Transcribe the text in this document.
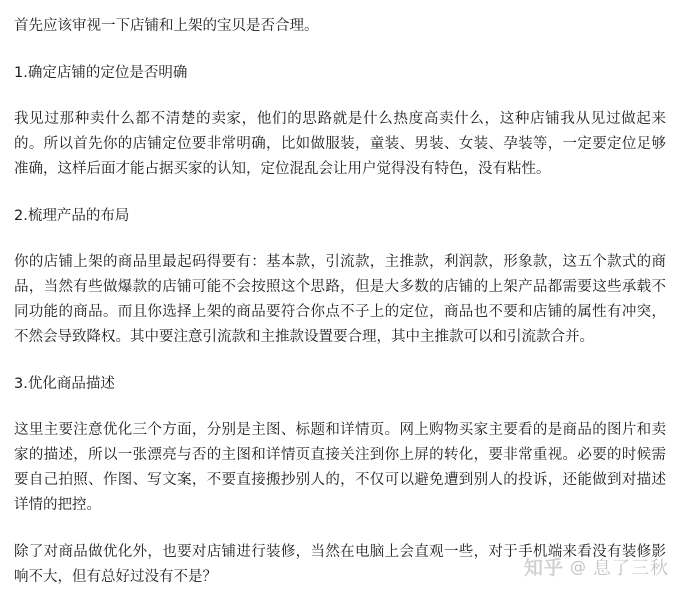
首先应该审视一下店铺和上架的宝贝是否合理。

1.确定店铺的定位是否明确

我见过那种卖什么都不清楚的卖家，他们的思路就是什么热度高卖什么，这种店铺我从见过做起来的。所以首先你的店铺定位要非常明确，比如做服装，童装、男装、女装、孕装等，一定要定位足够准确，这样后面才能占据买家的认知，定位混乱会让用户觉得没有特色，没有粘性。

2.梳理产品的布局

你的店铺上架的商品里最起码得要有：基本款，引流款，主推款，利润款，形象款，这五个款式的商品，当然有些做爆款的店铺可能不会按照这个思路，但是大多数的店铺的上架产品都需要这些承载不同功能的商品。而且你选择上架的商品要符合你点不子上的定位，商品也不要和店铺的属性有冲突，不然会导致降权。其中要注意引流款和主推款设置要合理，其中主推款可以和引流款合并。

3.优化商品描述

这里主要注意优化三个方面，分别是主图、标题和详情页。网上购物买家主要看的是商品的图片和卖家的描述，所以一张漂亮与否的主图和详情页直接关注到你上屏的转化，要非常重视。必要的时候需要自己拍照、作图、写文案，不要直接搬抄别人的，不仅可以避免遭到别人的投诉，还能做到对描述详情的把控。

除了对商品做优化外，也要对店铺进行装修，当然在电脑上会直观一些，对于手机端来看没有装修影响不大，但有总好过没有不是？	知乎 @ 息了三秋
